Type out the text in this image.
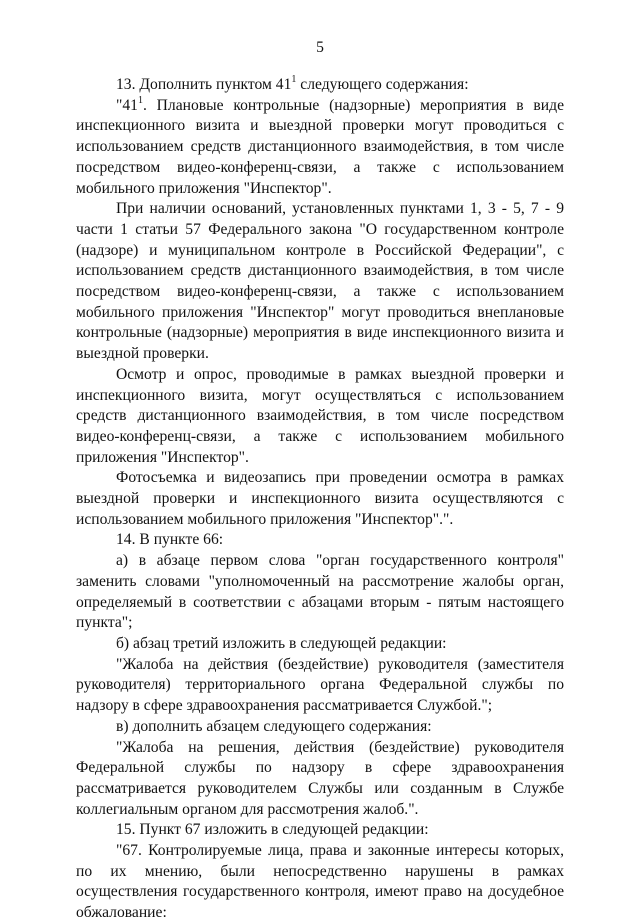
5

13. Дополнить пунктом $41^1$ следующего содержания:

"$41^1$. Плановые контрольные (надзорные) мероприятия в виде инспекционного визита и выездной проверки могут проводиться с использованием средств дистанционного взаимодействия, в том числе посредством видео-конференц-связи, а также с использованием мобильного приложения "Инспектор".

При наличии оснований, установленных пунктами 1, 3 - 5, 7 - 9 части 1 статьи 57 Федерального закона "О государственном контроле (надзоре) и муниципальном контроле в Российской Федерации", с использованием средств дистанционного взаимодействия, в том числе посредством видео-конференц-связи, а также с использованием мобильного приложения "Инспектор" могут проводиться внеплановые контрольные (надзорные) мероприятия в виде инспекционного визита и выездной проверки.

Осмотр и опрос, проводимые в рамках выездной проверки и инспекционного визита, могут осуществляться с использованием средств дистанционного взаимодействия, в том числе посредством видео-конференц-связи, а также с использованием мобильного приложения "Инспектор".

Фотосъемка и видеозапись при проведении осмотра в рамках выездной проверки и инспекционного визита осуществляются с использованием мобильного приложения "Инспектор".".

14. В пункте 66:

а) в абзаце первом слова "орган государственного контроля" заменить словами "уполномоченный на рассмотрение жалобы орган, определяемый в соответствии с абзацами вторым - пятым настоящего пункта";

б) абзац третий изложить в следующей редакции:

"Жалоба на действия (бездействие) руководителя (заместителя руководителя) территориального органа Федеральной службы по надзору в сфере здравоохранения рассматривается Службой.";

в) дополнить абзацем следующего содержания:

"Жалоба на решения, действия (бездействие) руководителя Федеральной службы по надзору в сфере здравоохранения рассматривается руководителем Службы или созданным в Службе коллегиальным органом для рассмотрения жалоб.".

15. Пункт 67 изложить в следующей редакции:

"67. Контролируемые лица, права и законные интересы которых, по их мнению, были непосредственно нарушены в рамках осуществления государственного контроля, имеют право на досудебное обжалование:
